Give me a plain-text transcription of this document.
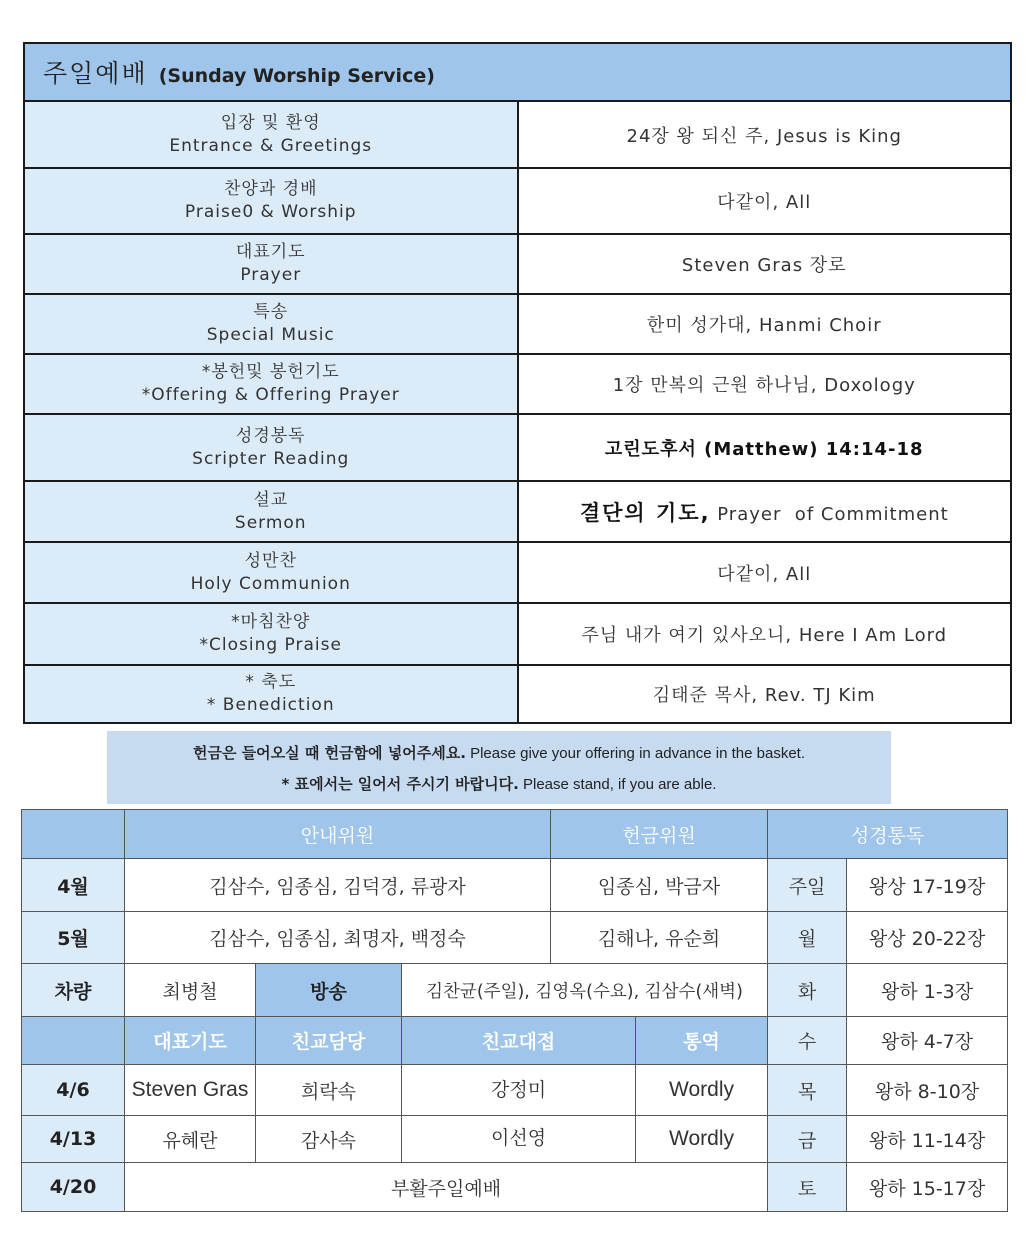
주일예배 (Sunday Worship Service)	

입장 및 환영
Entrance & Greetings	24장 왕 되신 주, Jesus is King

찬양과 경배
Praise0 & Worship	다같이, All

대표기도
Prayer	Steven Gras 장로

특송
Special Music	한미 성가대, Hanmi Choir

*봉헌및 봉헌기도
*Offering & Offering Prayer	1장 만복의 근원 하나님, Doxology

성경봉독
Scripter Reading	고린도후서 (Matthew) 14:14-18

설교
Sermon	결단의 기도, Prayer  of Commitment

성만찬
Holy Communion	다같이, All

*마침찬양
*Closing Praise	주님 내가 여기 있사오니, Here I Am Lord

* 축도
* Benediction	김태준 목사, Rev. TJ Kim
헌금은 들어오실 때 헌금함에 넣어주세요. Please give your offering in advance in the basket.
* 표에서는 일어서 주시기 바랍니다. Please stand, if you are able.
	안내위원			헌금위원		성경통독	
4월	김삼수, 임종심, 김덕경, 류광자			임종심, 박금자		주일	왕상 17-19장
5월	김삼수, 임종심, 최명자, 백정숙			김해나, 유순희		월	왕상 20-22장
차량	최병철	방송	김찬균(주일), 김영옥(수요), 김삼수(새벽)			화	왕하 1-3장
	대표기도	친교담당	친교대접		통역	수	왕하 4-7장
4/6	Steven Gras	희락속	강정미		Wordly	목	왕하 8-10장
4/13	유혜란	감사속	이선영		Wordly	금	왕하 11-14장
4/20	부활주일예배					토	왕하 15-17장
